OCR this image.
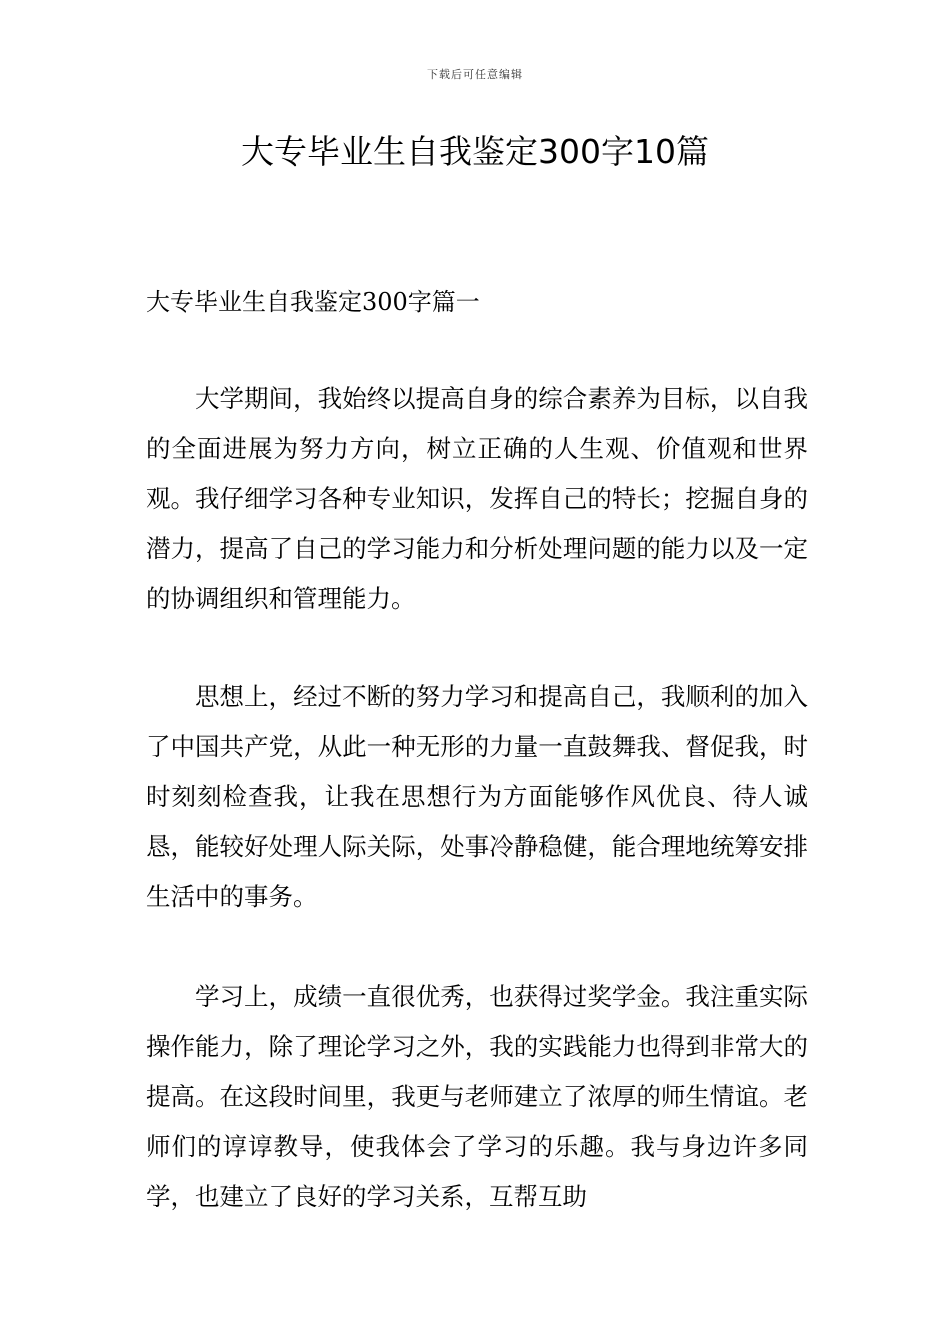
下载后可任意编辑
大专毕业生自我鉴定300字10篇
大专毕业生自我鉴定300字篇一

大学期间，我始终以提高自身的综合素养为目标，以自我的全面进展为努力方向，树立正确的人生观、价值观和世界观。我仔细学习各种专业知识，发挥自己的特长；挖掘自身的潜力，提高了自己的学习能力和分析处理问题的能力以及一定的协调组织和管理能力。

思想上，经过不断的努力学习和提高自己，我顺利的加入了中国共产党，从此一种无形的力量一直鼓舞我、督促我，时时刻刻检查我，让我在思想行为方面能够作风优良、待人诚恳，能较好处理人际关际，处事冷静稳健，能合理地统筹安排生活中的事务。

学习上，成绩一直很优秀，也获得过奖学金。我注重实际操作能力，除了理论学习之外，我的实践能力也得到非常大的提高。在这段时间里，我更与老师建立了浓厚的师生情谊。老师们的谆谆教导，使我体会了学习的乐趣。我与身边许多同学，也建立了良好的学习关系，互帮互助
